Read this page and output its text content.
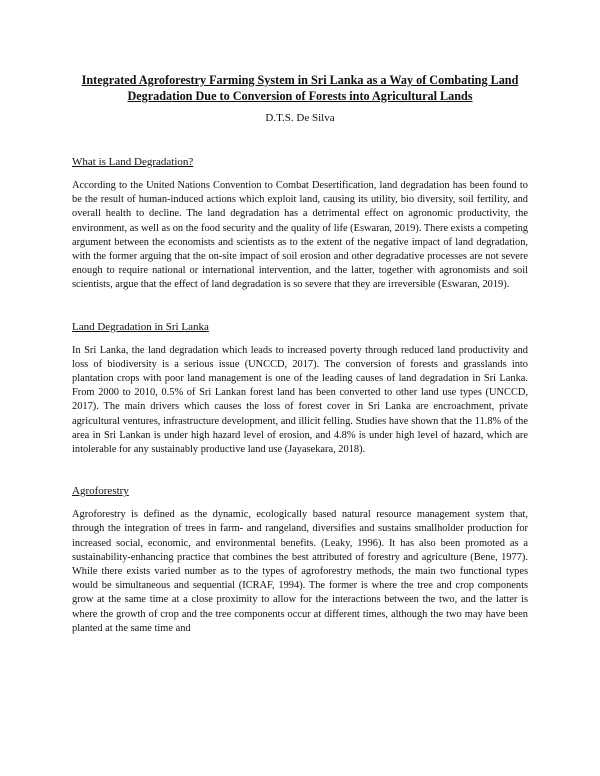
Integrated Agroforestry Farming System in Sri Lanka as a Way of Combating Land Degradation Due to Conversion of Forests into Agricultural Lands

D.T.S. De Silva

What is Land Degradation?

According to the United Nations Convention to Combat Desertification, land degradation has been found to be the result of human-induced actions which exploit land, causing its utility, bio diversity, soil fertility, and overall health to decline. The land degradation has a detrimental effect on agronomic productivity, the environment, as well as on the food security and the quality of life (Eswaran, 2019). There exists a competing argument between the economists and scientists as to the extent of the negative impact of land degradation, with the former arguing that the on-site impact of soil erosion and other degradative processes are not severe enough to require national or international intervention, and the latter, together with agronomists and soil scientists, argue that the effect of land degradation is so severe that they are irreversible (Eswaran, 2019).

Land Degradation in Sri Lanka

In Sri Lanka, the land degradation which leads to increased poverty through reduced land productivity and loss of biodiversity is a serious issue (UNCCD, 2017). The conversion of forests and grasslands into plantation crops with poor land management is one of the leading causes of land degradation in Sri Lanka. From 2000 to 2010, 0.5% of Sri Lankan forest land has been converted to other land use types (UNCCD, 2017). The main drivers which causes the loss of forest cover in Sri Lanka are encroachment, private agricultural ventures, infrastructure development, and illicit felling. Studies have shown that the 11.8% of the area in Sri Lankan is under high hazard level of erosion, and 4.8% is under high level of hazard, which are intolerable for any sustainably productive land use (Jayasekara, 2018).

Agroforestry

Agroforestry is defined as the dynamic, ecologically based natural resource management system that, through the integration of trees in farm- and rangeland, diversifies and sustains smallholder production for increased social, economic, and environmental benefits. (Leaky, 1996). It has also been promoted as a sustainability-enhancing practice that combines the best attributed of forestry and agriculture (Bene, 1977). While there exists varied number as to the types of agroforestry methods, the main two functional types would be simultaneous and sequential (ICRAF, 1994). The former is where the tree and crop components grow at the same time at a close proximity to allow for the interactions between the two, and the latter is where the growth of crop and the tree components occur at different times, although the two may have been planted at the same time and
